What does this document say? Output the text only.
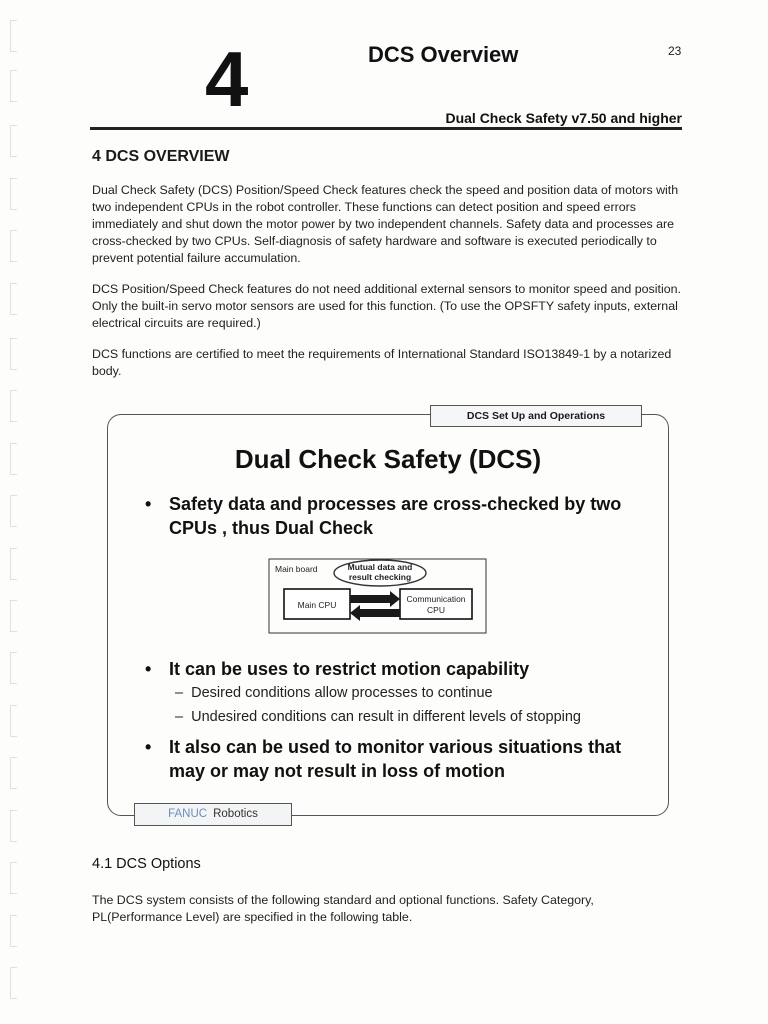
4	DCS Overview	23
Dual Check Safety v7.50 and higher
4 DCS OVERVIEW

Dual Check Safety (DCS) Position/Speed Check features check the speed and position data of motors with two independent CPUs in the robot controller. These functions can detect position and speed errors immediately and shut down the motor power by two independent channels. Safety data and processes are cross-checked by two CPUs. Self-diagnosis of safety hardware and software is executed periodically to prevent potential failure accumulation.

DCS Position/Speed Check features do not need additional external sensors to monitor speed and position. Only the built-in servo motor sensors are used for this function. (To use the OPSFTY safety inputs, external electrical circuits are required.)

DCS functions are certified to meet the requirements of International Standard ISO13849-1 by a notarized body.

DCS Set Up and Operations
Dual Check Safety (DCS)
• Safety data and processes are cross-checked by two CPUs , thus Dual Check
Main board	Mutual data and
result checking
Main CPU
Communication
CPU
• It can be uses to restrict motion capability
– Desired conditions allow processes to continue
– Undesired conditions can result in different levels of stopping
• It also can be used to monitor various situations that may or may not result in loss of motion
FANUC Robotics
4.1 DCS Options

The DCS system consists of the following standard and optional functions. Safety Category, PL(Performance Level) are specified in the following table.
